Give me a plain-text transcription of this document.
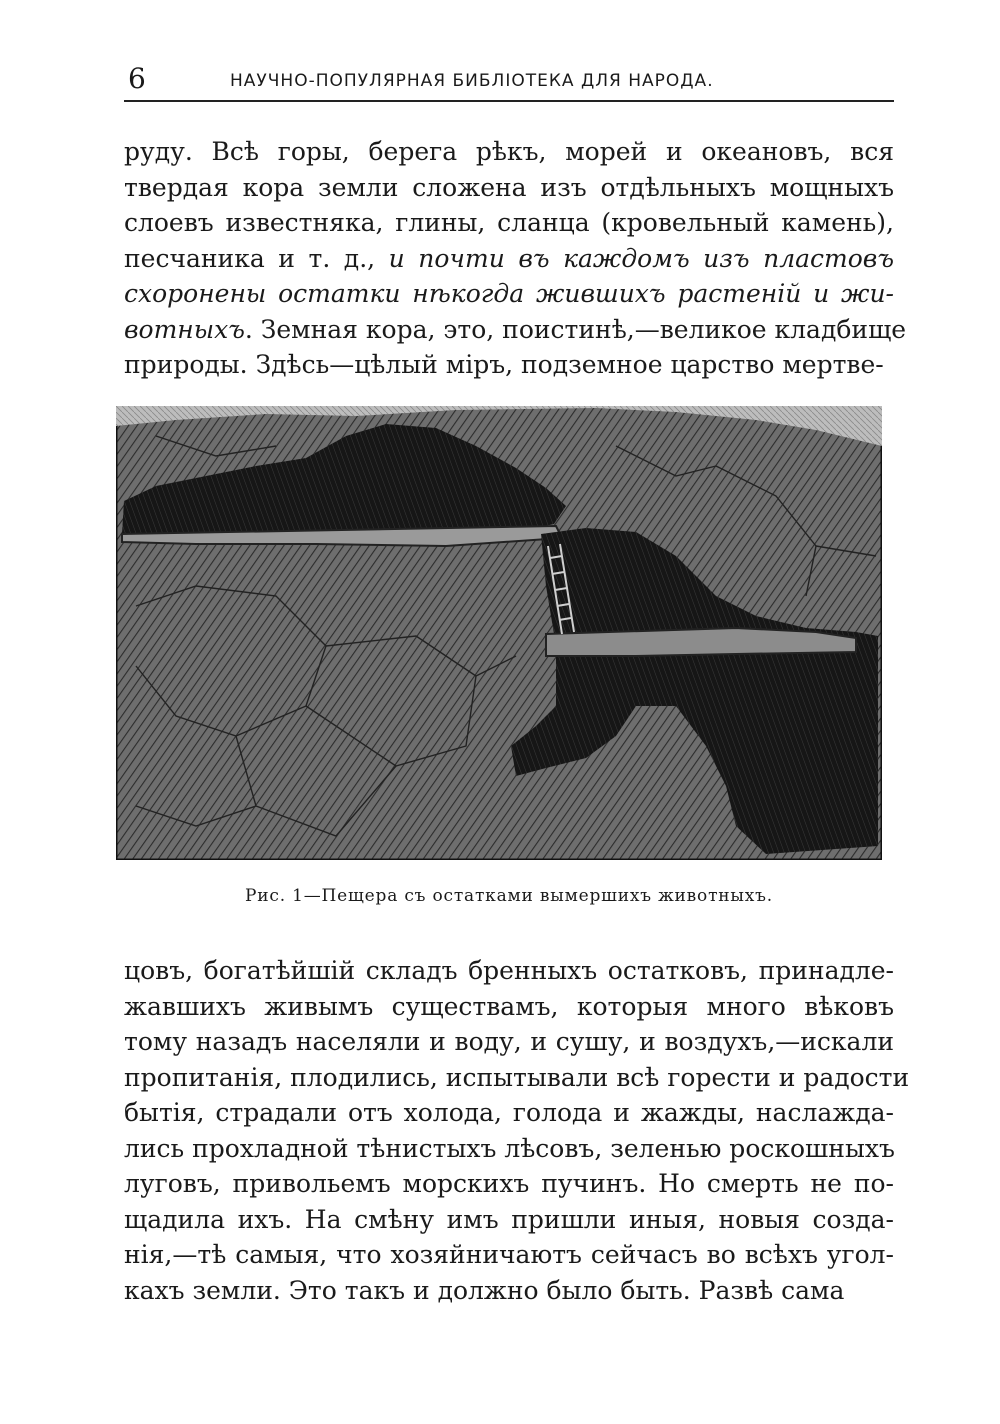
6	НАУЧНО-ПОПУЛЯРНАЯ БИБЛІОТЕКА ДЛЯ НАРОДА.
руду. Всѣ горы, берега рѣкъ, морей и океановъ, вся
твердая кора земли сложена изъ отдѣльныхъ мощныхъ
слоевъ известняка, глины, сланца (кровельный камень),
песчаника и т. д., и почти въ каждомъ изъ пластовъ
схоронены остатки нѣкогда жившихъ растеній и жи-
вотныхъ. Земная кора, это, поистинѣ,—великое кладбище
природы. Здѣсь—цѣлый міръ, подземное царство мертве-
Рис. 1—Пещера съ остатками вымершихъ животныхъ.
цовъ, богатѣйшій складъ бренныхъ остатковъ, принадле-
жавшихъ живымъ существамъ, которыя много вѣковъ
тому назадъ населяли и воду, и сушу, и воздухъ,—искали
пропитанія, плодились, испытывали всѣ горести и радости
бытія, страдали отъ холода, голода и жажды, наслажда-
лись прохладной тѣнистыхъ лѣсовъ, зеленью роскошныхъ
луговъ, привольемъ морскихъ пучинъ. Но смерть не по-
щадила ихъ. На смѣну имъ пришли иныя, новыя созда-
нія,—тѣ самыя, что хозяйничаютъ сейчасъ во всѣхъ угол-
кахъ земли. Это такъ и должно было быть. Развѣ сама
